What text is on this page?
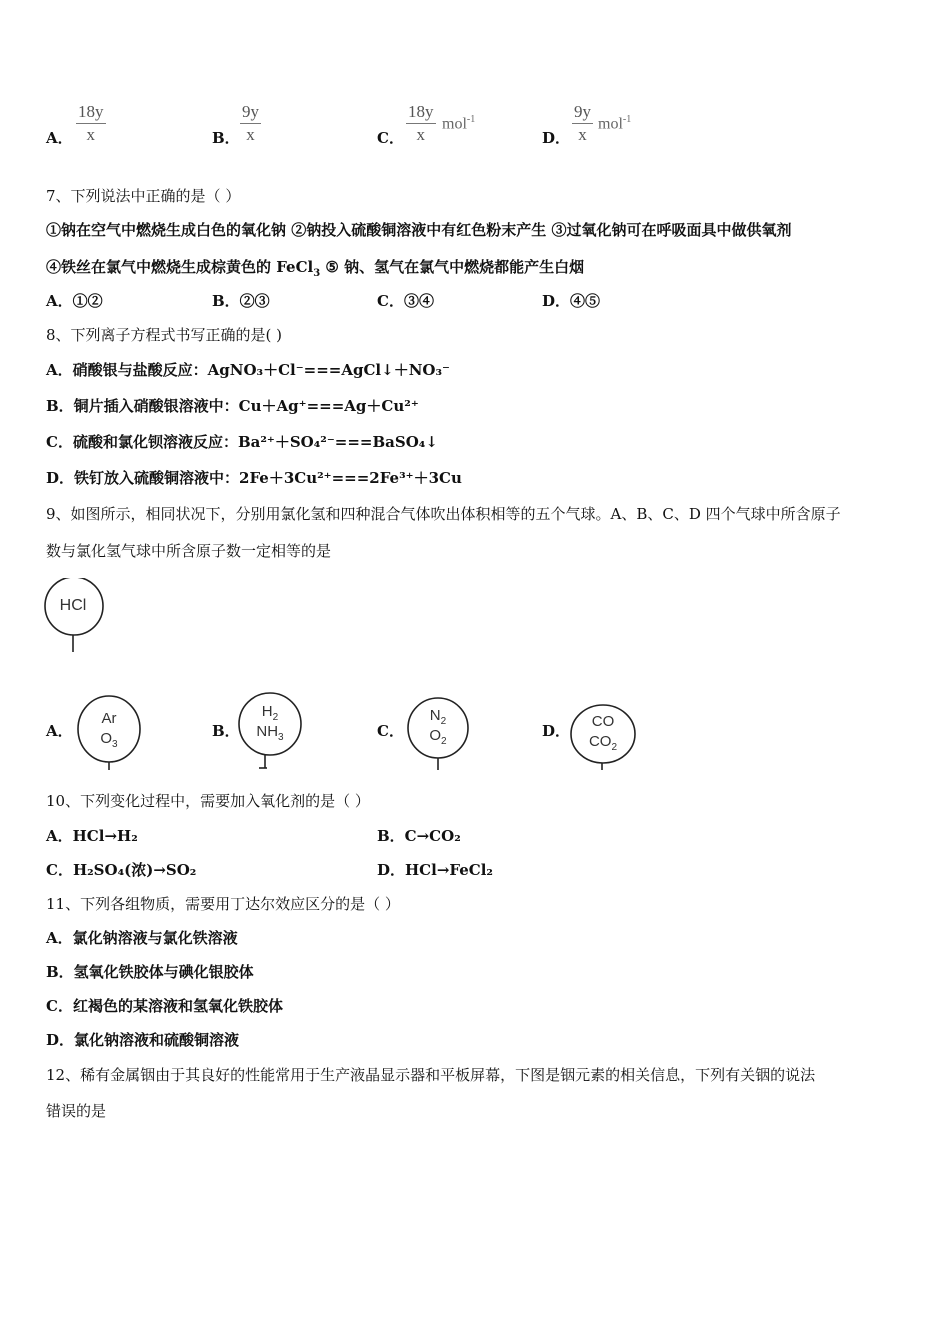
A． $\frac{18y}{x}$	B． $\frac{9y}{x}$	C． $\frac{18y}{x} mol^{-1}$
D． $\frac{9y}{x} mol^{-1}$
7、下列说法中正确的是（ ）
①钠在空气中燃烧生成白色的氧化钠 ②钠投入硫酸铜溶液中有红色粉末产生 ③过氧化钠可在呼吸面具中做供氧剂
④铁丝在氯气中燃烧生成棕黄色的 FeCl$_3$ ⑤ 钠、氢气在氯气中燃烧都能产生白烟
A．①②	B．②③	C．③④	D．④⑤
8、下列离子方程式书写正确的是( )
A．硝酸银与盐酸反应：AgNO₃＋Cl⁻===AgCl↓＋NO₃⁻
B．铜片插入硝酸银溶液中：Cu＋Ag⁺===Ag＋Cu²⁺
C．硫酸和氯化钡溶液反应：Ba²⁺＋SO₄²⁻===BaSO₄↓
D．铁钉放入硫酸铜溶液中：2Fe＋3Cu²⁺===2Fe³⁺＋3Cu
9、如图所示，相同状况下，分别用氯化氢和四种混合气体吹出体积相等的五个气球。A、B、C、D 四个气球中所含原子
数与氯化氢气球中所含原子数一定相等的是
HCl
A．
Ar
$O_3$
B．
$H_2$
$NH_3$	C．
$N_2$
$O_2$
D．
CO
$CO_2$
10、下列变化过程中，需要加入氧化剂的是（ ）
A．HCl→H₂	B．C→CO₂
C．H₂SO₄(浓)→SO₂	D．HCl→FeCl₂
11、下列各组物质，需要用丁达尔效应区分的是（ ）
A．氯化钠溶液与氯化铁溶液
B．氢氧化铁胶体与碘化银胶体
C．红褐色的某溶液和氢氧化铁胶体
D．氯化钠溶液和硫酸铜溶液
12、稀有金属铟由于其良好的性能常用于生产液晶显示器和平板屏幕，下图是铟元素的相关信息，下列有关铟的说法
错误的是
